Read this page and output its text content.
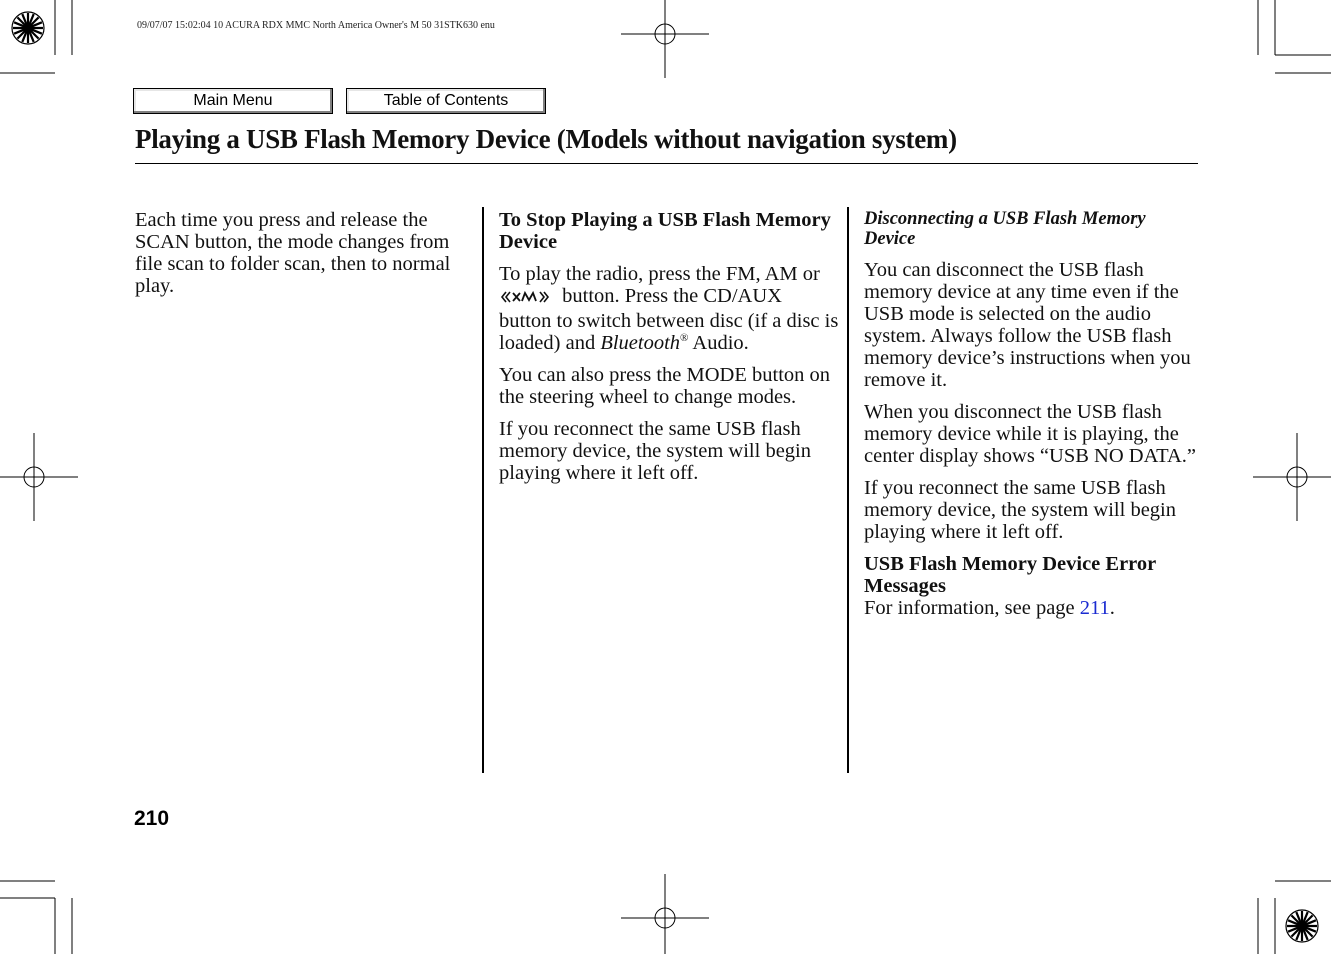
09/07/07 15:02:04 10 ACURA RDX MMC North America Owner's M 50 31STK630 enu
Main Menu	Table of Contents
Playing a USB Flash Memory Device (Models without navigation system)

Each time you press and release the SCAN button, the mode changes from file scan to folder scan, then to normal play.

To Stop Playing a USB Flash Memory Device

To play the radio, press the FM, AM or  button. Press the CD/AUX button to switch between disc (if a disc is loaded) and Bluetooth® Audio.

You can also press the MODE button on the steering wheel to change modes.

If you reconnect the same USB flash memory device, the system will begin playing where it left off.

Disconnecting a USB Flash Memory Device

You can disconnect the USB flash memory device at any time even if the USB mode is selected on the audio system. Always follow the USB flash memory device’s instructions when you remove it.

When you disconnect the USB flash memory device while it is playing, the center display shows “USB NO DATA.”

If you reconnect the same USB flash memory device, the system will begin playing where it left off.

USB Flash Memory Device Error Messages

For information, see page 211.

210
